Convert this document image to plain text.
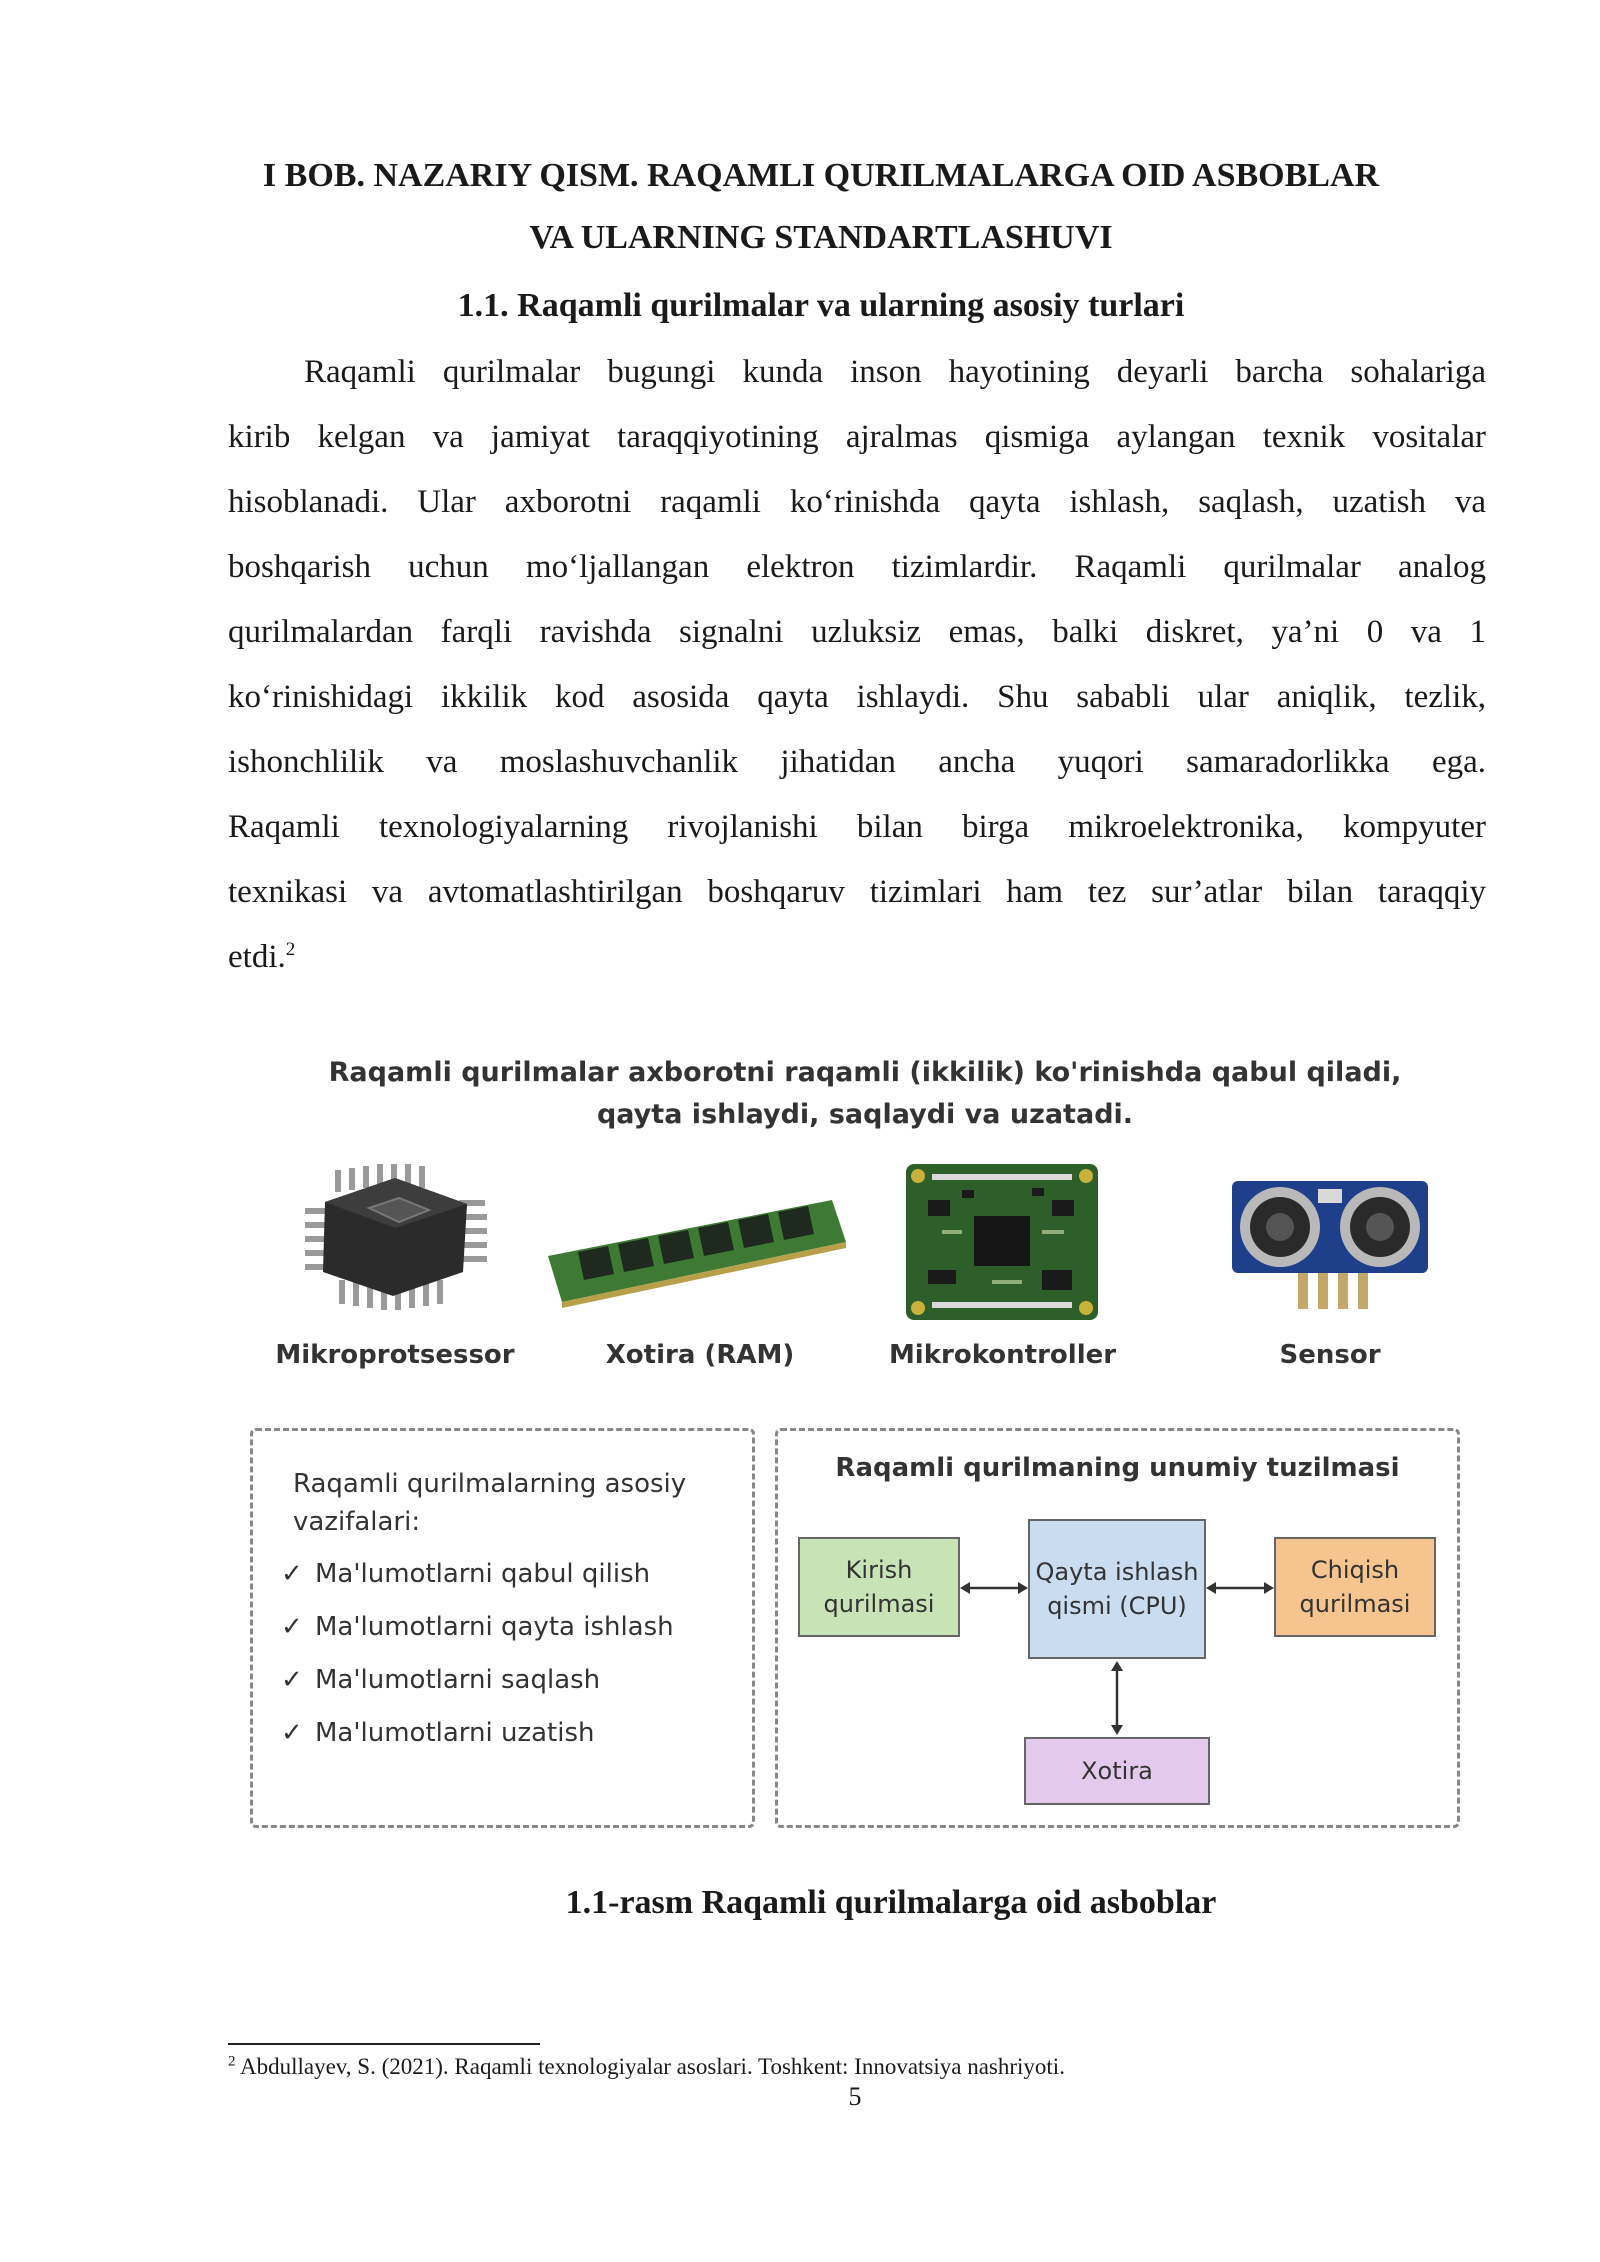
I BOB. NAZARIY QISM. RAQAMLI QURILMALARGA OID ASBOBLAR
VA ULARNING STANDARTLASHUVI
1.1. Raqamli qurilmalar va ularning asosiy turlari
Raqamli qurilmalar bugungi kunda inson hayotining deyarli barcha sohalariga
kirib kelgan va jamiyat taraqqiyotining ajralmas qismiga aylangan texnik vositalar
hisoblanadi. Ular axborotni raqamli ko‘rinishda qayta ishlash, saqlash, uzatish va
boshqarish uchun mo‘ljallangan elektron tizimlardir. Raqamli qurilmalar analog
qurilmalardan farqli ravishda signalni uzluksiz emas, balki diskret, ya’ni 0 va 1
ko‘rinishidagi ikkilik kod asosida qayta ishlaydi. Shu sababli ular aniqlik, tezlik,
ishonchlilik va moslashuvchanlik jihatidan ancha yuqori samaradorlikka ega.
Raqamli texnologiyalarning rivojlanishi bilan birga mikroelektronika, kompyuter
texnikasi va avtomatlashtirilgan boshqaruv tizimlari ham tez sur’atlar bilan taraqqiy
etdi.$^2$
Raqamli qurilmalar axborotni raqamli (ikkilik) ko'rinishda qabul qiladi,
qayta ishlaydi, saqlaydi va uzatadi.
Mikroprotsessor	Xotira (RAM)	Mikrokontroller	Sensor
Raqamli qurilmalarning asosiy vazifalari:
✓ Ma'lumotlarni qabul qilish
✓ Ma'lumotlarni qayta ishlash
✓ Ma'lumotlarni saqlash
✓ Ma'lumotlarni uzatish
Raqamli qurilmaning unumiy tuzilmasi
Kirish qurilmasi
Qayta ishlash qismi (CPU)
Chiqish qurilmasi
Xotira
1.1-rasm Raqamli qurilmalarga oid asboblar
$^2$ Abdullayev, S. (2021). Raqamli texnologiyalar asoslari. Toshkent: Innovatsiya nashriyoti.
5
